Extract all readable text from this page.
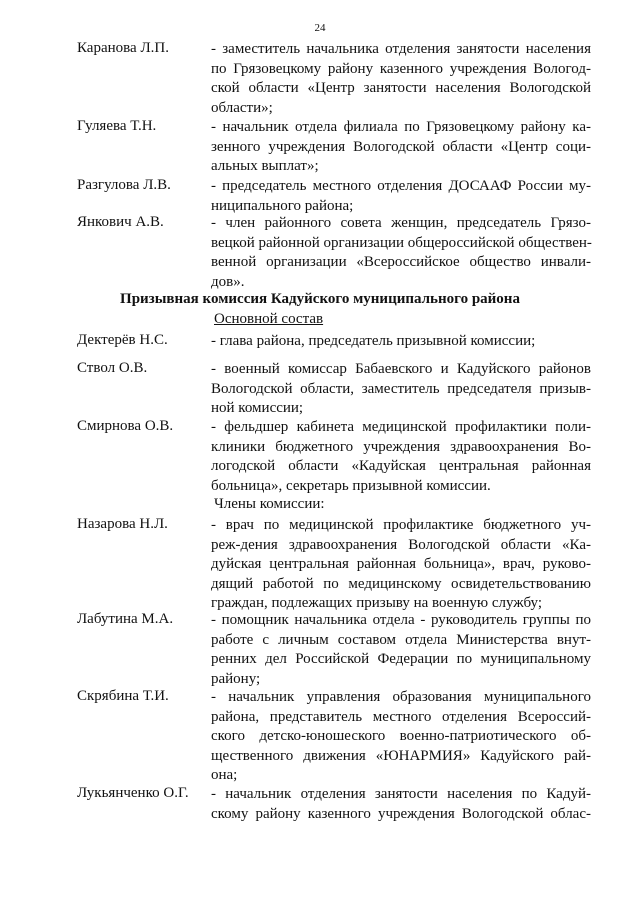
24
Каранова Л.П.	- заместитель начальника отделения занятости населения
по Грязовецкому району казенного учреждения Вологод-
ской области «Центр занятости населения Вологодской
области»;
Гуляева Т.Н.	- начальник отдела филиала по Грязовецкому району ка-
зенного учреждения Вологодской области «Центр соци-
альных выплат»;
Разгулова Л.В.	- председатель местного отделения ДОСААФ России му-
ниципального района;
Янкович А.В.	- член районного совета женщин, председатель Грязо-
вецкой районной организации общероссийской обществен-
венной организации «Всероссийское общество инвали-
дов».
Призывная комиссия Кадуйского муниципального района
Основной состав
Дектерёв Н.С.	- глава района, председатель призывной комиссии;
Ствол О.В.	- военный комиссар Бабаевского и Кадуйского районов
Вологодской области, заместитель председателя призыв-
ной комиссии;
Смирнова О.В.	- фельдшер кабинета медицинской профилактики поли-
клиники бюджетного учреждения здравоохранения Во-
логодской области «Кадуйская центральная районная
больница», секретарь призывной комиссии.
Члены комиссии:
Назарова Н.Л.	- врач по медицинской профилактике бюджетного уч-
реж-дения здравоохранения Вологодской области «Ка-
дуйская центральная районная больница», врач, руково-
дящий работой по медицинскому освидетельствованию
граждан, подлежащих призыву на военную службу;
Лабутина М.А.	- помощник начальника отдела - руководитель группы по
работе с личным составом отдела Министерства внут-
ренних дел Российской Федерации по муниципальному
району;
Скрябина Т.И.	- начальник управления образования муниципального
района, представитель местного отделения Всероссий-
ского детско-юношеского военно-патриотического об-
щественного движения «ЮНАРМИЯ» Кадуйского рай-
она;
Лукьянченко О.Г. - начальник отделения занятости населения по Кадуй-
скому району казенного учреждения Вологодской облас-
